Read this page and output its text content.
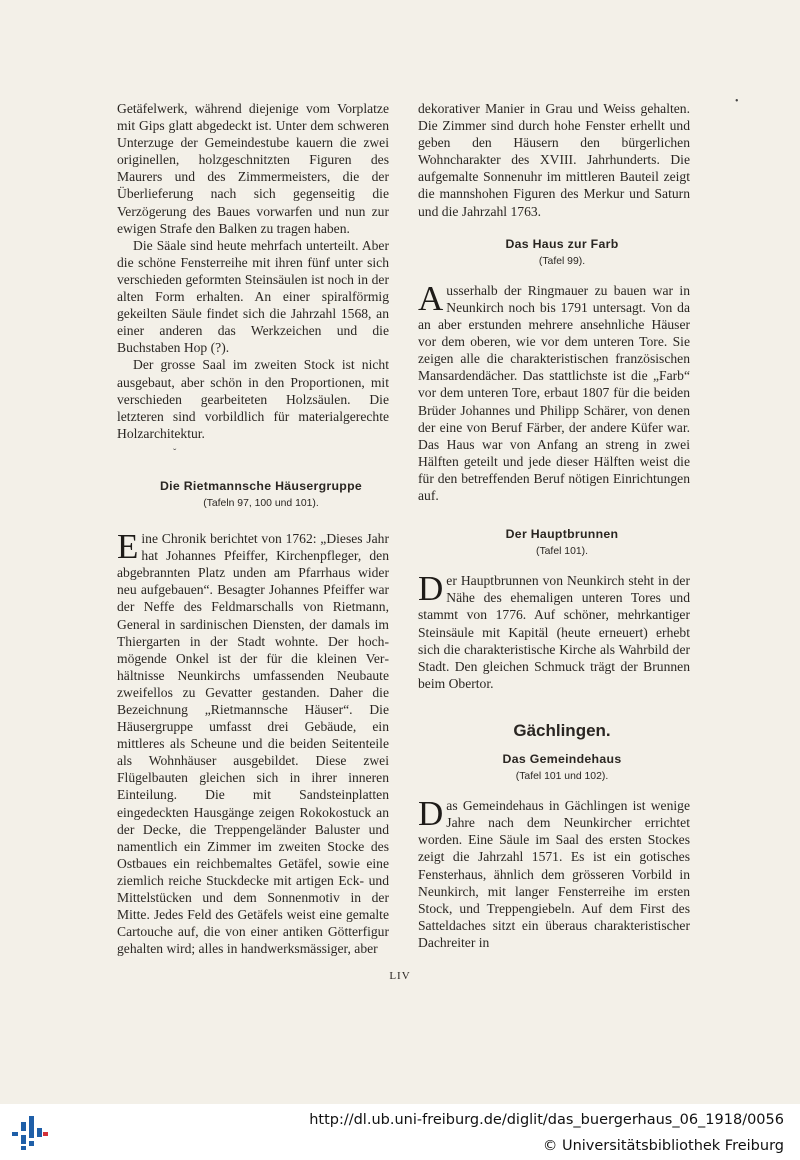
Getäfelwerk, während diejenige vom Vorplatze mit Gips glatt abgedeckt ist. Unter dem schweren Unterzuge der Gemeindestube kauern die zwei originellen, holzgeschnitzten Figuren des Maurers und des Zimmermeisters, die der Überlieferung nach sich gegenseitig die Verzögerung des Baues vorwarfen und nun zur ewigen Strafe den Balken zu tragen haben.

Die Säale sind heute mehrfach unterteilt. Aber die schöne Fensterreihe mit ihren fünf unter sich verschieden geformten Steinsäulen ist noch in der alten Form erhalten. An einer spiralförmig gekeilten Säule findet sich die Jahrzahl 1568, an einer anderen das Werkzeichen und die Buchstaben Hop (?).

Der grosse Saal im zweiten Stock ist nicht ausgebaut, aber schön in den Proportionen, mit verschieden gearbeiteten Holzsäulen. Die letzteren sind vorbildlich für materialgerechte Holzarchitektur.

Die Rietmannsche Häusergruppe

(Tafeln 97, 100 und 101).

Eine Chronik berichtet von 1762: „Dieses Jahr hat Johannes Pfeiffer, Kirchenpfleger, den abgebrannten Platz unden am Pfarrhaus wider neu aufgebauen“. Besagter Johannes Pfeiffer war der Neffe des Feldmarschalls von Rietmann, General in sardinischen Diensten, der damals im Thiergarten in der Stadt wohnte. Der hochmögende Onkel ist der für die kleinen Verhältnisse Neunkirchs umfassenden Neubaute zweifellos zu Gevatter gestanden. Daher die Bezeichnung „Rietmannsche Häuser“. Die Häusergruppe umfasst drei Gebäude, ein mittleres als Scheune und die beiden Seitenteile als Wohnhäuser ausgebildet. Diese zwei Flügelbauten gleichen sich in ihrer inneren Einteilung. Die mit Sandsteinplatten eingedeckten Hausgänge zeigen Rokokostuck an der Decke, die Treppengeländer Baluster und namentlich ein Zimmer im zweiten Stocke des Ostbaues ein reichbemaltes Getäfel, sowie eine ziemlich reiche Stuckdecke mit artigen Eck- und Mittelstücken und dem Sonnenmotiv in der Mitte. Jedes Feld des Getäfels weist eine gemalte Cartouche auf, die von einer antiken Götterfigur gehalten wird; alles in handwerksmässiger, aber

dekorativer Manier in Grau und Weiss gehalten. Die Zimmer sind durch hohe Fenster erhellt und geben den Häusern den bürgerlichen Wohncharakter des XVIII. Jahrhunderts. Die aufgemalte Sonnenuhr im mittleren Bauteil zeigt die mannshohen Figuren des Merkur und Saturn und die Jahrzahl 1763.

Das Haus zur Farb

(Tafel 99).

Ausserhalb der Ringmauer zu bauen war in Neunkirch noch bis 1791 untersagt. Von da an aber erstunden mehrere ansehnliche Häuser vor dem oberen, wie vor dem unteren Tore. Sie zeigen alle die charakteristischen französischen Mansardendächer. Das stattlichste ist die „Farb“ vor dem unteren Tore, erbaut 1807 für die beiden Brüder Johannes und Philipp Schärer, von denen der eine von Beruf Färber, der andere Küfer war. Das Haus war von Anfang an streng in zwei Hälften geteilt und jede dieser Hälften weist die für den betreffenden Beruf nötigen Einrichtungen auf.

Der Hauptbrunnen

(Tafel 101).

Der Hauptbrunnen von Neunkirch steht in der Nähe des ehemaligen unteren Tores und stammt von 1776. Auf schöner, mehrkantiger Steinsäule mit Kapitäl (heute erneuert) erhebt sich die charakteristische Kirche als Wahrbild der Stadt. Den gleichen Schmuck trägt der Brunnen beim Obertor.

Gächlingen.

Das Gemeindehaus

(Tafel 101 und 102).

Das Gemeindehaus in Gächlingen ist wenige Jahre nach dem Neunkircher errichtet worden. Eine Säule im Saal des ersten Stockes zeigt die Jahrzahl 1571. Es ist ein gotisches Fensterhaus, ähnlich dem grösseren Vorbild in Neunkirch, mit langer Fensterreihe im ersten Stock, und Treppengiebeln. Auf dem First des Satteldaches sitzt ein überaus charakteristischer Dachreiter in

•
ˇ
LIV
http://dl.ub.uni-freiburg.de/diglit/das_buergerhaus_06_1918/0056
© Universitätsbibliothek Freiburg
